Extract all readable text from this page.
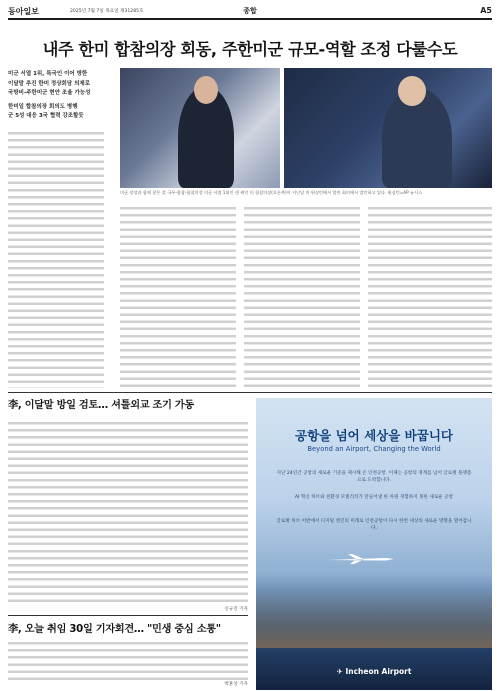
동아일보	2025년 7월 7일 목요일 제31285호	종합	A5
내주 한미 합참의장 회동, 주한미군 규모-역할 조정 다룰수도
미군 서열 1위, 특국인 이어 방한
이달말 추진 한미 정상회담 의제로
국방비-주한미군 현안 조율 가능성
한미일 합참의장 회의도 병행
군 5성 대응 3국 협력 강조할듯
미군 장성과 함께 찾은 美 국무-합참-합참의장 미군 서열 1위인 댄 케인 미 합참의장(오른쪽)이 지난달 미 워싱턴에서 열린 회의에서 발언하고 있다. 워싱턴=AP 뉴시스
李, 이달말 방일 검토… 셔틀외교 조기 가동
신규진 기자
李, 오늘 취임 30일 기자회견… "민생 중심 소통"
박훈상 기자
공항을 넘어 세상을 바꿉니다
Beyond an Airport, Changing the World
지난 24년간 공항의 새로운 기준을 제시해 온 인천공항. 이제는 공항의 경계를 넘어 글로벌 플랫폼으로 도약합니다.
AI 혁신 허브와 친환경 모빌리티가 만들어낼 한 차원 경험하지 못한 새로운 공항
글로벌 허브 어반에서 디지털 엔진의 미래로 인천공항이 다시 한번 세상의 새로운 방향을 열어갑니다.
✈ Incheon Airport
